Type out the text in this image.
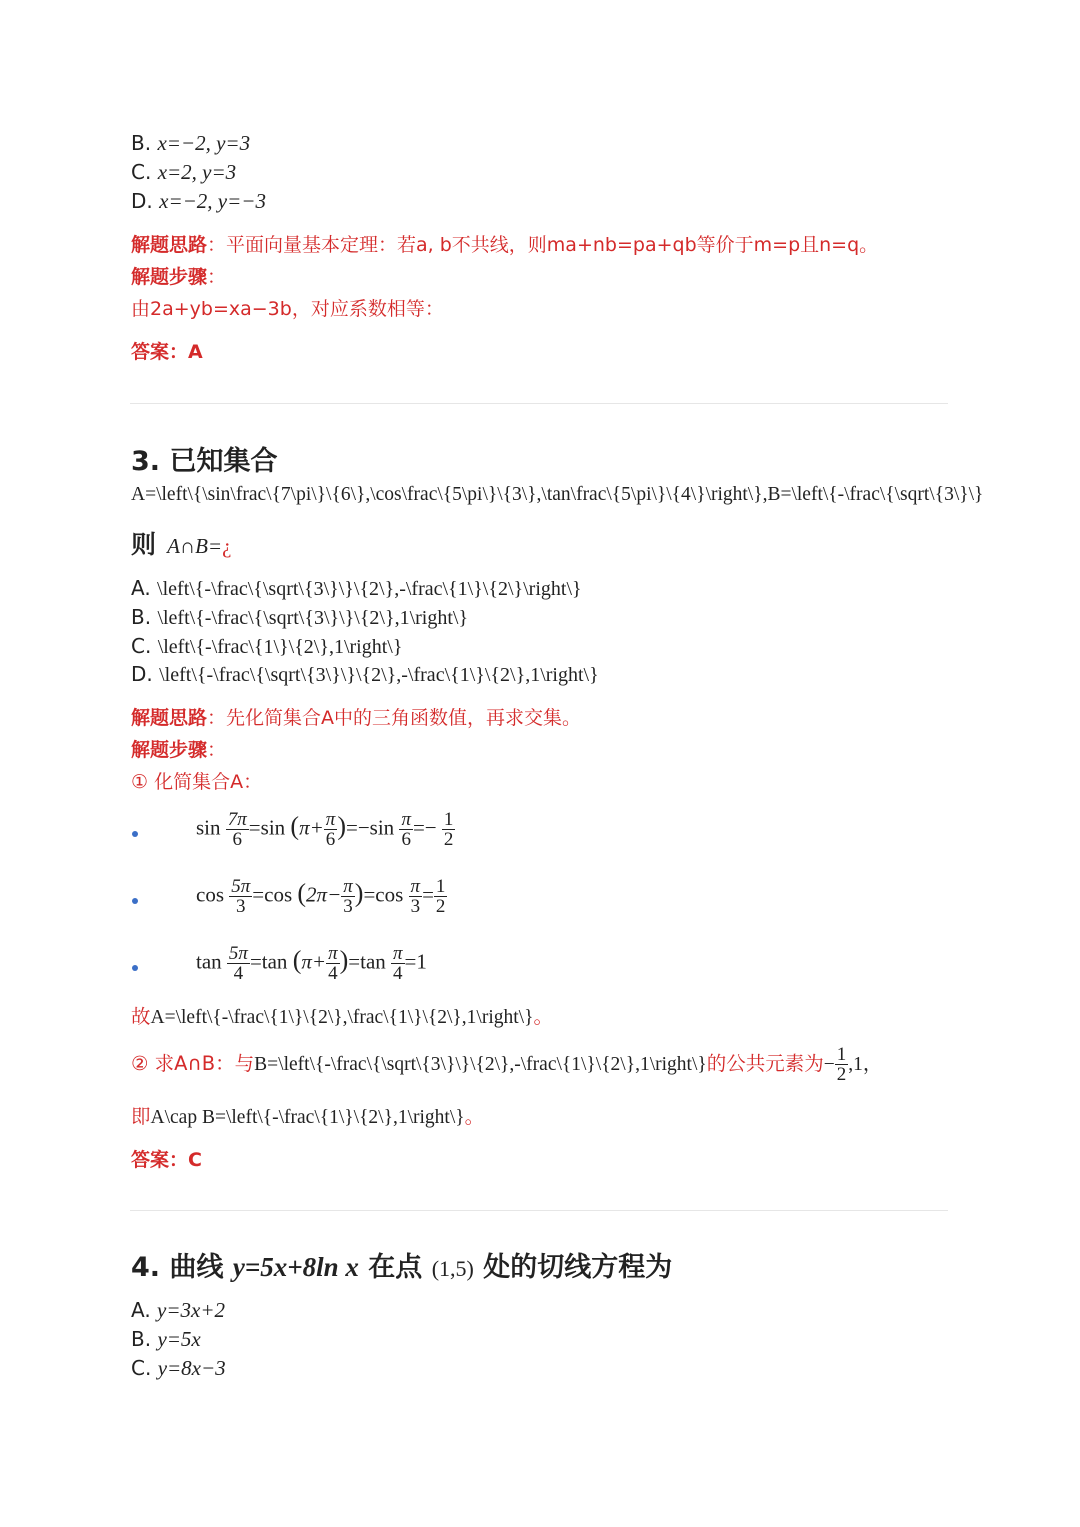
B. x=−2, y=3
C. x=2, y=3
D. x=−2, y=−3
解题思路：平面向量基本定理：若a, b不共线，则ma+nb=pa+qb等价于m=p且n=q。
解题步骤：
由2a+yb=xa−3b，对应系数相等：
答案：A
3. 已知集合
A=\left\{\sin\frac\{7\pi\}\{6\},\cos\frac\{5\pi\}\{3\},\tan\frac\{5\pi\}\{4\}\right\},B=\left\{-\frac\{\sqrt\{3\}\}
则 A∩B=¿
A. \left\{-\frac\{\sqrt\{3\}\}\{2\},-\frac\{1\}\{2\}\right\}
B. \left\{-\frac\{\sqrt\{3\}\}\{2\},1\right\}
C. \left\{-\frac\{1\}\{2\},1\right\}
D. \left\{-\frac\{\sqrt\{3\}\}\{2\},-\frac\{1\}\{2\},1\right\}
解题思路：先化简集合A中的三角函数值，再求交集。
解题步骤：
① 化简集合A：
$\sin \frac{7\pi}{6} =\sin$ $(\pi+ \frac{\pi}{6} )=-\sin \frac{\pi}{6} =- \frac{1}{2}$
$\cos \frac{5\pi}{3} =\cos$ $(2\pi- \frac{\pi}{3} )=\cos \frac{\pi}{3} = \frac{1}{2}$
$\tan \frac{5\pi}{4} =\tan$ $(\pi+ \frac{\pi}{4} )=\tan \frac{\pi}{4} =1$
故A=\left\{-\frac\{1\}\{2\},\frac\{1\}\{2\},1\right\}。
② 求A∩B：与B=\left\{-\frac\{\sqrt\{3\}\}\{2\},-\frac\{1\}\{2\},1\right\}的公共元素为− $\frac{1}{2} ,1$，
即A\cap B=\left\{-\frac\{1\}\{2\},1\right\}。
答案：C
4. 曲线 y=5x+8ln x 在点 (1,5) 处的切线方程为
A. y=3x+2
B. y=5x
C. y=8x−3
